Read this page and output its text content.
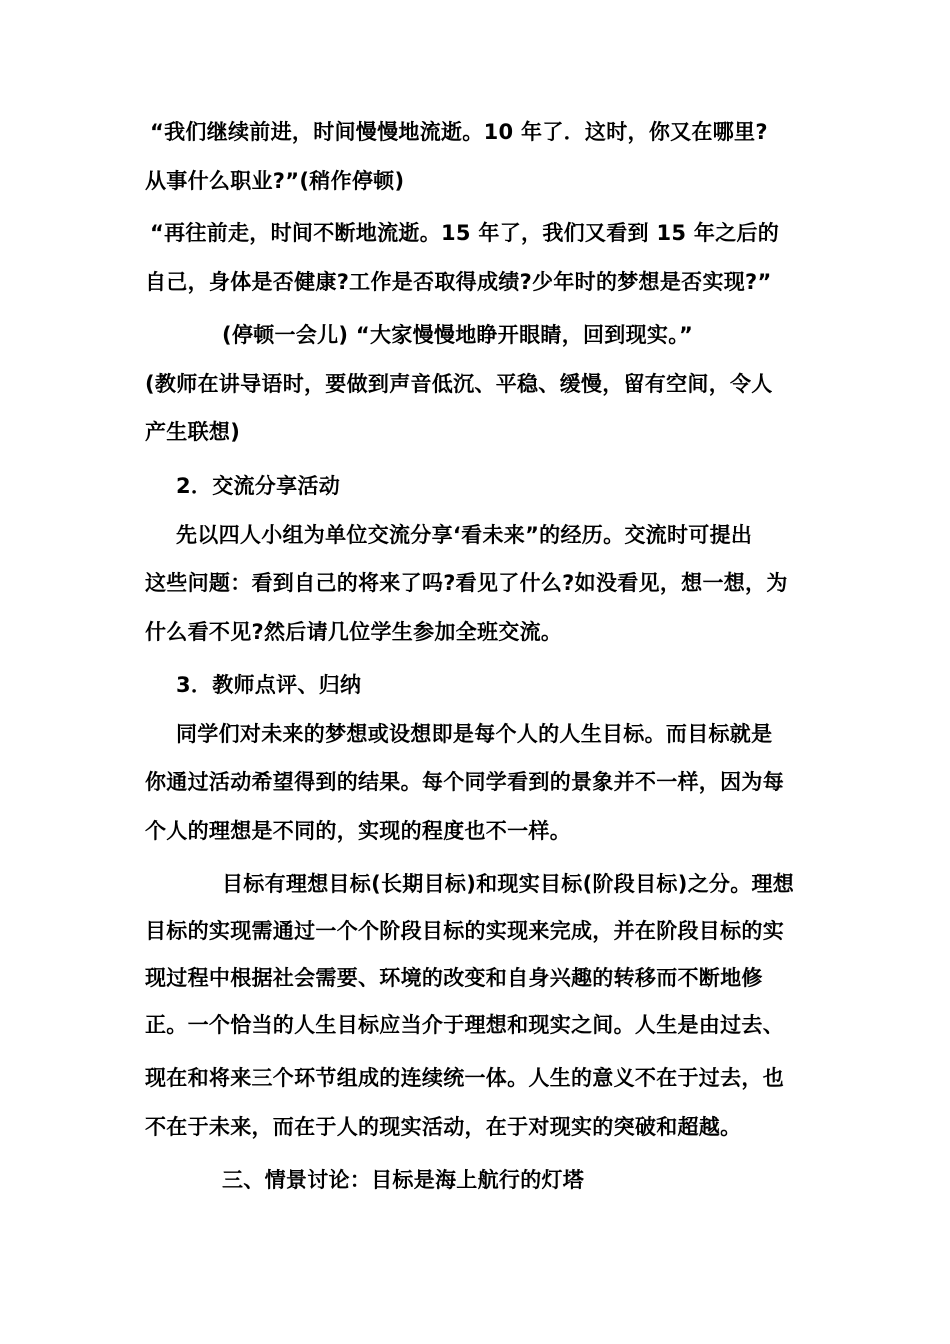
“我们继续前进，时间慢慢地流逝。10 年了．这时，你又在哪里?
从事什么职业?”(稍作停顿)
“再往前走，时间不断地流逝。15 年了，我们又看到 15 年之后的
自己，身体是否健康?工作是否取得成绩?少年时的梦想是否实现?”
(停顿一会儿) “大家慢慢地睁开眼睛，回到现实。”
(教师在讲导语时，要做到声音低沉、平稳、缓慢，留有空间，令人
产生联想)
2．交流分享活动
先以四人小组为单位交流分享‘看未来”的经历。交流时可提出
这些问题：看到自己的将来了吗?看见了什么?如没看见，想一想，为
什么看不见?然后请几位学生参加全班交流。
3．教师点评、归纳
同学们对未来的梦想或设想即是每个人的人生目标。而目标就是
你通过活动希望得到的结果。每个同学看到的景象并不一样，因为每
个人的理想是不同的，实现的程度也不一样。
目标有理想目标(长期目标)和现实目标(阶段目标)之分。理想
目标的实现需通过一个个阶段目标的实现来完成，并在阶段目标的实
现过程中根据社会需要、环境的改变和自身兴趣的转移而不断地修
正。一个恰当的人生目标应当介于理想和现实之间。人生是由过去、
现在和将来三个环节组成的连续统一体。人生的意义不在于过去，也
不在于未来，而在于人的现实活动，在于对现实的突破和超越。
三、情景讨论：目标是海上航行的灯塔
